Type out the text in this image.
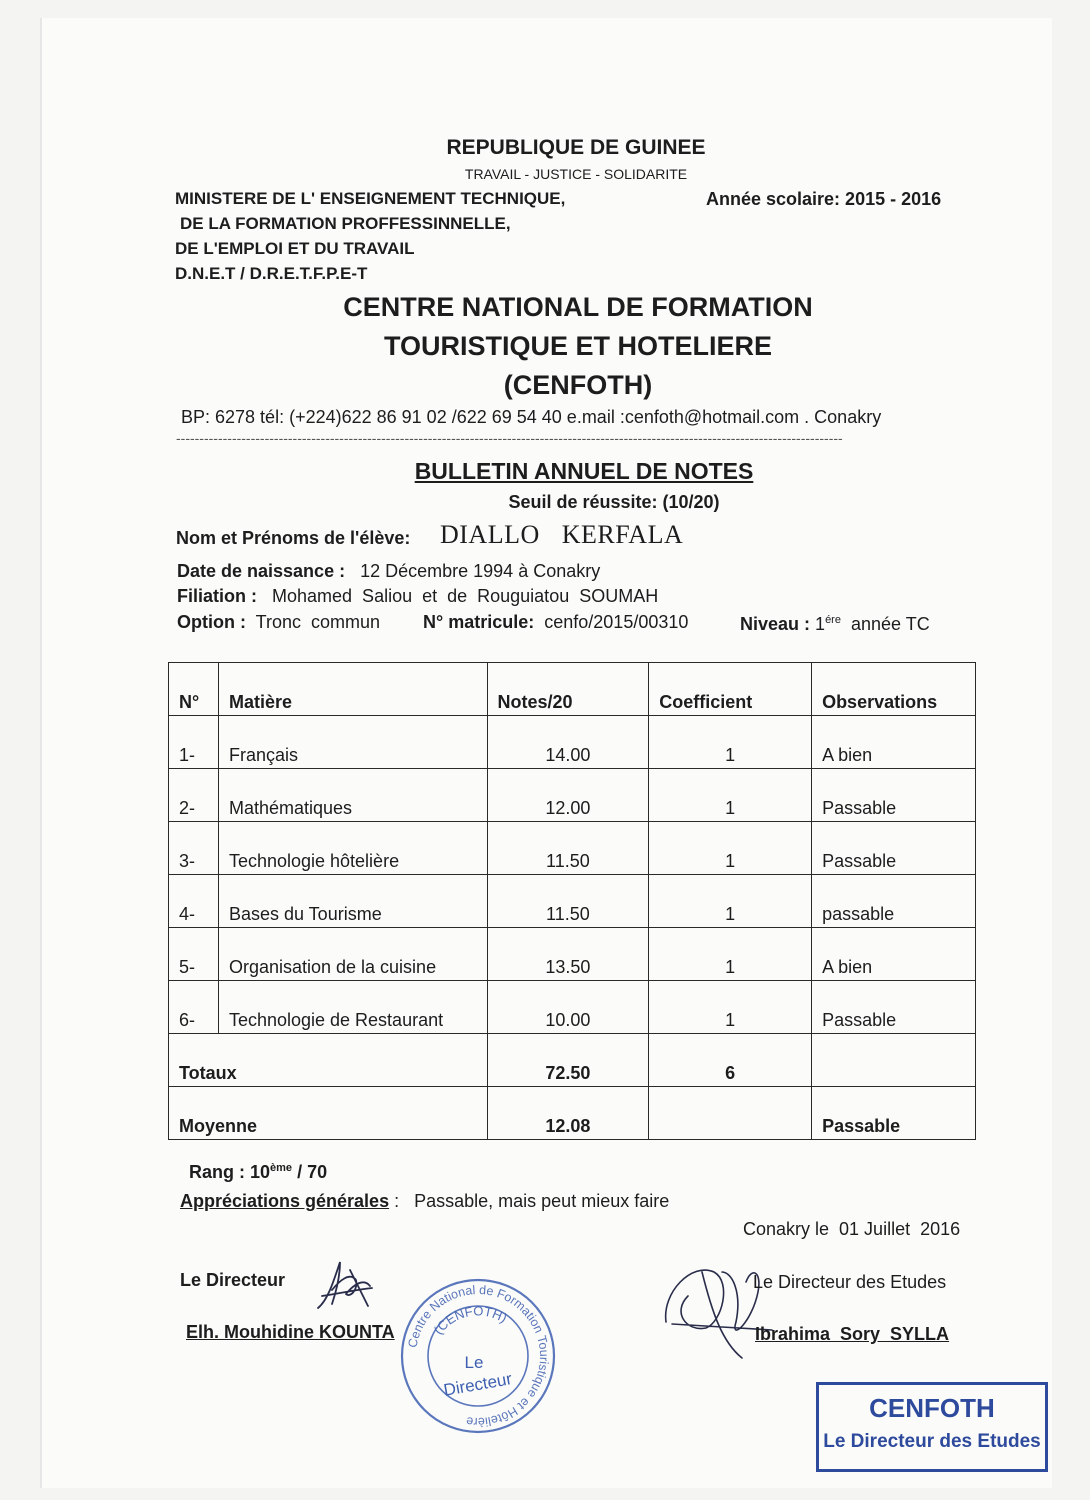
REPUBLIQUE DE GUINEE
TRAVAIL - JUSTICE - SOLIDARITE
MINISTERE DE L' ENSEIGNEMENT TECHNIQUE,
DE LA FORMATION PROFFESSINNELLE,
DE L'EMPLOI ET DU TRAVAIL
D.N.E.T / D.R.E.T.F.P.E-T
Année scolaire: 2015 - 2016
CENTRE NATIONAL DE FORMATION
TOURISTIQUE ET HOTELIERE
(CENFOTH)
BP: 6278 tél: (+224)622 86 91 02 /622 69 54 40 e.mail :cenfoth@hotmail.com . Conakry
-----------------------------------------------------------------------------------------------------------------------------------------------
BULLETIN ANNUEL DE NOTES
Seuil de réussite: (10/20)
Nom et Prénoms de l'élève: DIALLO KERFALA
Date de naissance : 12 Décembre 1994 à Conakry
Filiation : Mohamed  Saliou  et  de  Rouguiatou  SOUMAH
Option : Tronc  commun N° matricule: cenfo/2015/00310	Niveau : $1^{ére}$ année TC
N°	Matière	Notes/20	Coefficient	Observations
1-	Français	14.00	1	A bien
2-	Mathématiques	12.00	1	Passable
3-	Technologie hôtelière	11.50	1	Passable
4-	Bases du Tourisme	11.50	1	passable
5-	Organisation de la cuisine	13.50	1	A bien
6-	Technologie de Restaurant	10.00	1	Passable
Totaux		72.50	6	
Moyenne		12.08		Passable
Rang : 10ème / 70
Appréciations générales : Passable, mais peut mieux faire
Conakry le  01 Juillet  2016
Le Directeur
Elh. Mouhidine KOUNTA
Centre National de Formation Touristique et Hôtelière
(CENFOTH)
Le
Directeur
Le Directeur des Etudes
Ibrahima  Sory  SYLLA
CENFOTH
Le Directeur des Etudes
